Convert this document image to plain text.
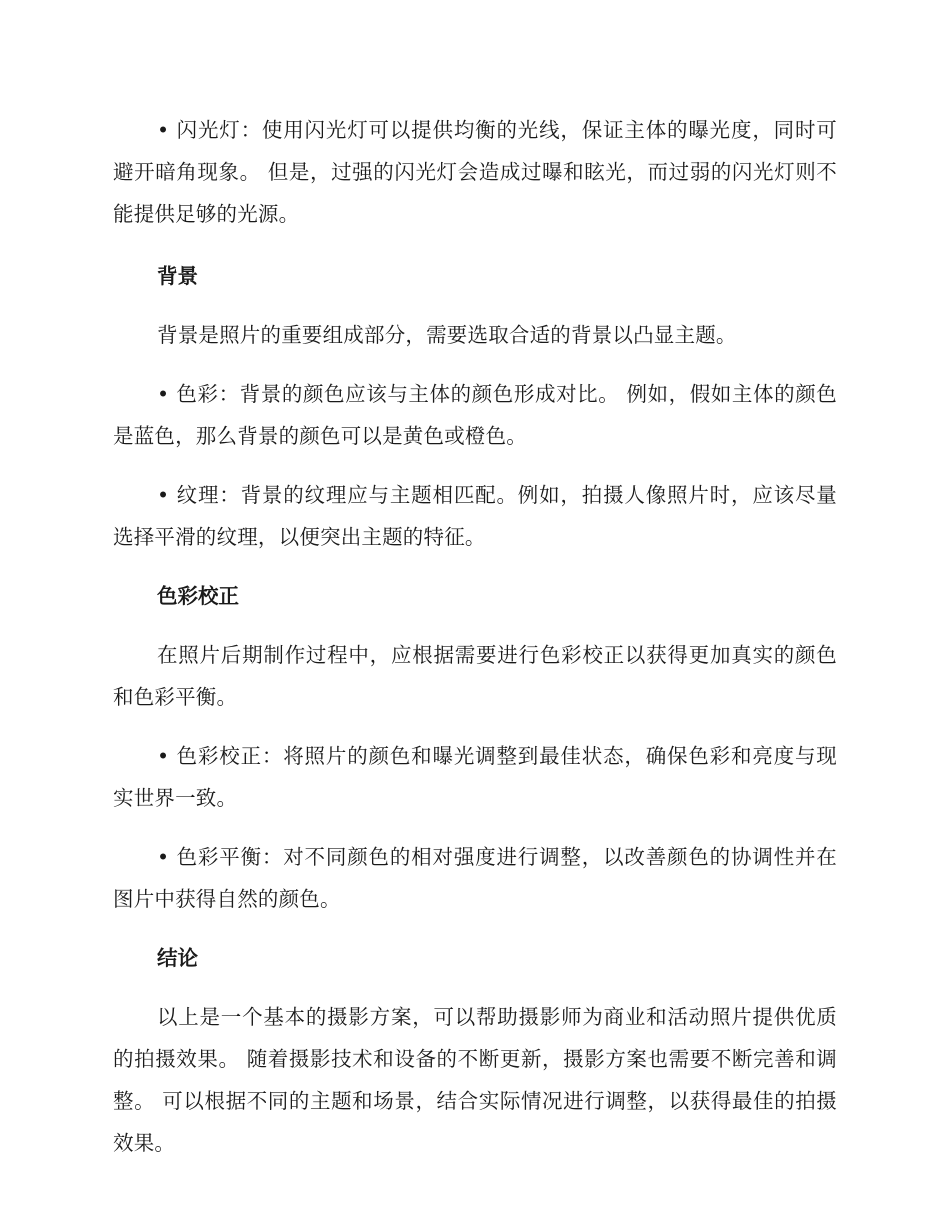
• 闪光灯：使用闪光灯可以提供均衡的光线，保证主体的曝光度，同时可避开暗角现象。 但是，过强的闪光灯会造成过曝和眩光，而过弱的闪光灯则不能提供足够的光源。

背景

背景是照片的重要组成部分，需要选取合适的背景以凸显主题。

• 色彩：背景的颜色应该与主体的颜色形成对比。 例如，假如主体的颜色是蓝色，那么背景的颜色可以是黄色或橙色。

• 纹理：背景的纹理应与主题相匹配。例如，拍摄人像照片时，应该尽量选择平滑的纹理，以便突出主题的特征。

色彩校正

在照片后期制作过程中，应根据需要进行色彩校正以获得更加真实的颜色和色彩平衡。

• 色彩校正：将照片的颜色和曝光调整到最佳状态，确保色彩和亮度与现实世界一致。

• 色彩平衡：对不同颜色的相对强度进行调整，以改善颜色的协调性并在图片中获得自然的颜色。

结论

以上是一个基本的摄影方案，可以帮助摄影师为商业和活动照片提供优质的拍摄效果。 随着摄影技术和设备的不断更新，摄影方案也需要不断完善和调整。 可以根据不同的主题和场景，结合实际情况进行调整，以获得最佳的拍摄效果。
